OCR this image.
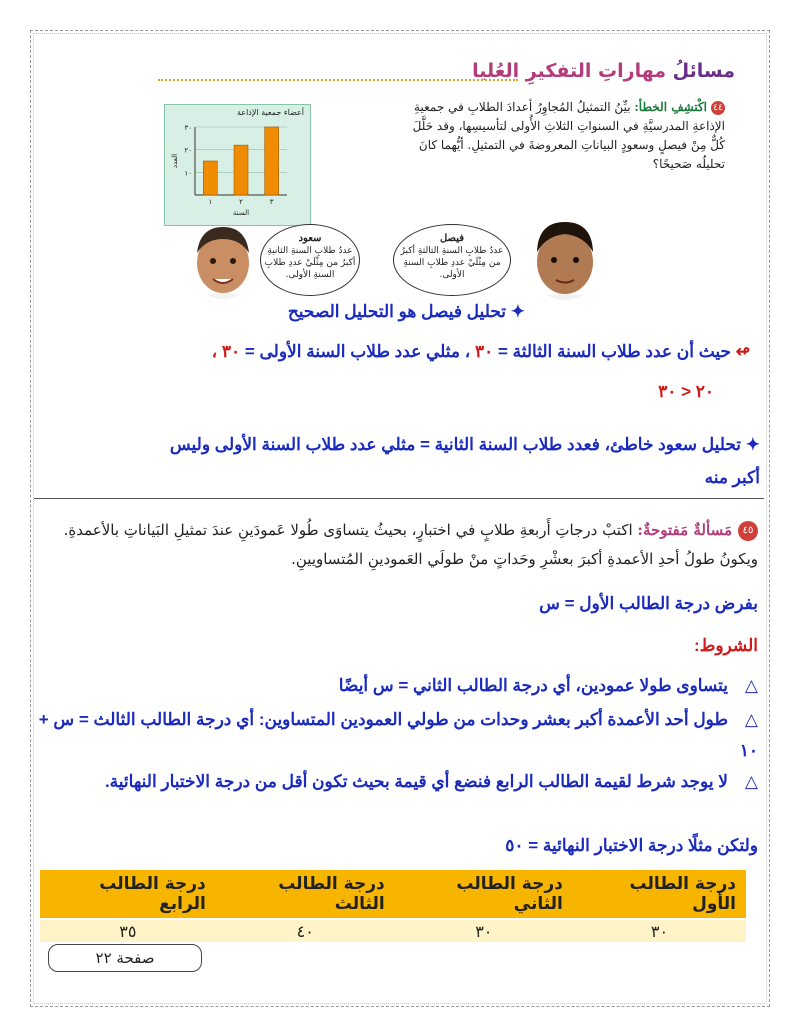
مسائلُ مهاراتِ التفكيرِ العُليا
٤٤اكْتشِفِ الخطأ: بيِّنُ التمثيلُ المُجاوِرُ أعدادَ الطلابِ في جمعيةِ الإذاعةِ المدرسيَّةِ في السنواتِ الثلاثِ الأُولى لتأسيسِها، وقد حَلَّلَ كُلٌّ مِنْ فيصلٍ وسعودٍ البياناتِ المعروضةَ في التمثيلِ. أيُّهما كانَ تحليلُه صَحيحًا؟
أعضاء جمعية الإذاعة
٣٠
٢٠
١٠
١	٢	٣
السنة
العدد
سعود
عددُ طلابِ السنةِ الثانيةِ أكبرُ من مِثْلَيْ عددِ طلابِ السنةِ الأولى.
فيصل
عددُ طلابِ السنةِ الثالثةِ أكبرُ من مِثْلَيْ عددِ طلابِ السنةِ الأولى.
✦ تحليل فيصل هو التحليل الصحيح
↫ حيث أن عدد طلاب السنة الثالثة = ٣٠ ، مثلي عدد طلاب السنة الأولى = ٣٠ ،
٢٠ < ٣٠
✦ تحليل سعود خاطئ، فعدد طلاب السنة الثانية = مثلي عدد طلاب السنة الأولى وليس
أكبر منه
٤٥مَسألةٌ مَفتوحةٌ: اكتبْ درجاتِ أَربعةِ طلابٍ في اختبارٍ، بحيثُ يتساوَى طُولا عَمودَينِ عندَ تمثيلِ البَياناتِ بالأعمدةِ. ويكونُ طولُ أحدِ الأعمدةِ أكبرَ بعشْرِ وحَداتٍ منْ طولَي العَمودينِ المُتساويينِ.
بفرض درجة الطالب الأول = س
الشروط:
△يتساوى طولا عمودين، أي درجة الطالب الثاني = س أيضًا
△طول أحد الأعمدة أكبر بعشر وحدات من طولي العمودين المتساوين: أي درجة الطالب الثالث = س + ١٠
△لا يوجد شرط لقيمة الطالب الرابع فنضع أي قيمة بحيث تكون أقل من درجة الاختبار النهائية.
ولتكن مثلًا درجة الاختبار النهائية = ٥٠
درجة الطالب الأول	درجة الطالب الثاني	درجة الطالب الثالث	درجة الطالب الرابع
٣٠	٣٠	٤٠	٣٥
صفحة ٢٢
